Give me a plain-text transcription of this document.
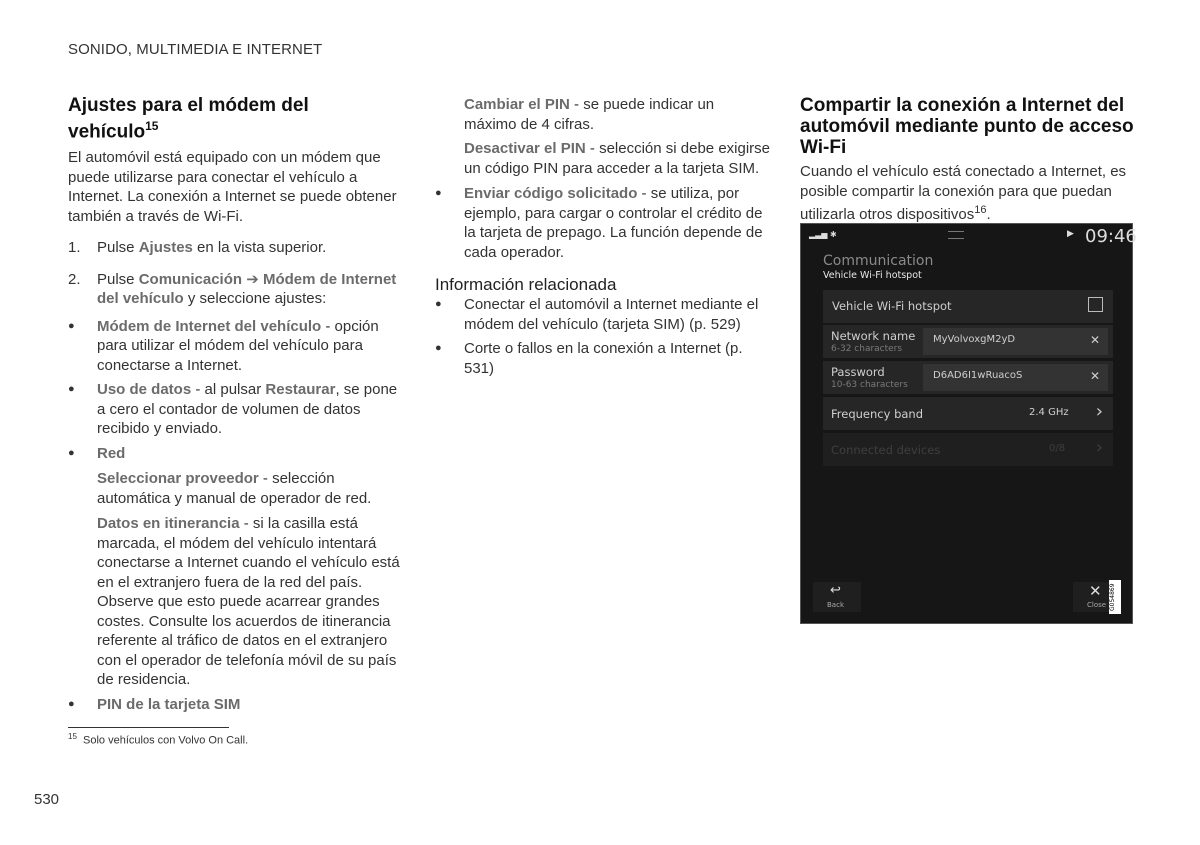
SONIDO, MULTIMEDIA E INTERNET
Ajustes para el módem del vehículo$^{15}$

El automóvil está equipado con un módem que puede utilizarse para conectar el vehículo a Internet. La conexión a Internet se puede obtener también a través de Wi-Fi.

1. Pulse Ajustes en la vista superior.
2. Pulse Comunicación ➔ Módem de Internet del vehículo y seleccione ajustes:
● Módem de Internet del vehículo - opción para utilizar el módem del vehículo para conectarse a Internet.
● Uso de datos - al pulsar Restaurar, se pone a cero el contador de volumen de datos recibido y enviado.
● Red

Seleccionar proveedor - selección automática y manual de operador de red.

Datos en itinerancia - si la casilla está marcada, el módem del vehículo intentará conectarse a Internet cuando el vehículo está en el extranjero fuera de la red del país. Observe que esto puede acarrear grandes costes. Consulte los acuerdos de itinerancia referente al tráfico de datos en el extranjero con el operador de telefonía móvil de su país de residencia.

● PIN de la tarjeta SIM

Cambiar el PIN - se puede indicar un máximo de 4 cifras.

Desactivar el PIN - selección si debe exigirse un código PIN para acceder a la tarjeta SIM.

● Enviar código solicitado - se utiliza, por ejemplo, para cargar o controlar el crédito de la tarjeta de prepago. La función depende de cada operador.
Información relacionada
● Conectar el automóvil a Internet mediante el módem del vehículo (tarjeta SIM) (p. 529)
● Corte o fallos en la conexión a Internet (p. 531)
Compartir la conexión a Internet del automóvil mediante punto de acceso Wi-Fi

Cuando el vehículo está conectado a Internet, es posible compartir la conexión para que puedan utilizarla otros dispositivos$^{16}$.

▂▃▅ ✱	▶ 09:46
Communication
Vehicle Wi-Fi hotspot
Vehicle Wi-Fi hotspot
Network name
6-32 characters
MyVolvoxgM2yD	✕
Password
10-63 characters
D6AD6I1wRuacoS	✕
Frequency band	2.4 GHz ›
Connected devices	0/8 ›
↩
Back
✕
Close G054869
$^{15}$ Solo vehículos con Volvo On Call.
530
